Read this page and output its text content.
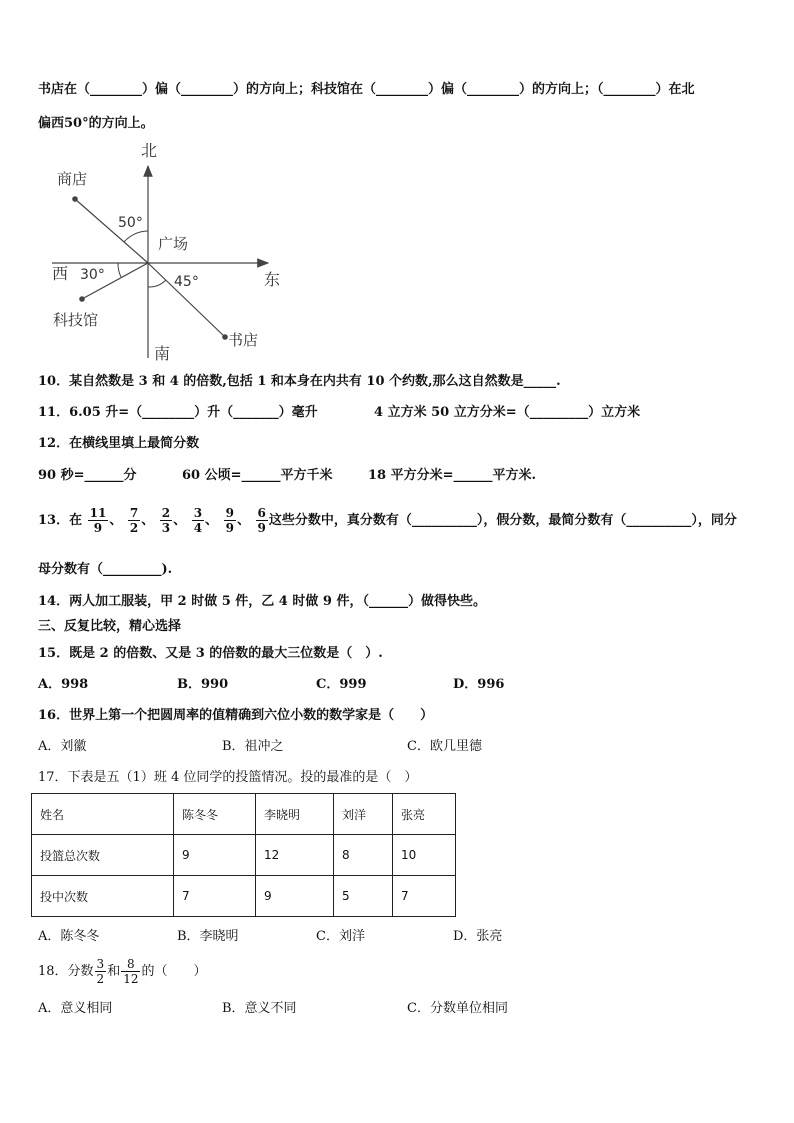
书店在（________）偏（________）的方向上；科技馆在（________）偏（________）的方向上；（________）在北
偏西50°的方向上。
北
南
东
西
商店
广场
科技馆
书店
50°
30°	45°
10．某自然数是 3 和 4 的倍数,包括 1 和本身在内共有 10 个约数,那么这自然数是_____.
11．6.05 升=（________）升（_______）毫升	4 立方米 50 立方分米=（_________）立方米
12．在横线里填上最简分数
90 秒=______分	60 公顷=______平方千米	18 平方分米=______平方米.
13．在 $\frac{11}{9}$ 、 $\frac{7}{2}$ 、 $\frac{2}{3}$ 、 $\frac{3}{4}$ 、 $\frac{9}{9}$ 、 $\frac{6}{9}$ 这些分数中，真分数有（__________），假分数，最简分数有（__________），同分
母分数有（_________).
14．两人加工服装，甲 2 时做 5 件，乙 4 时做 9 件，（______）做得快些。
三、反复比较，精心选择
15．既是 2 的倍数、又是 3 的倍数的最大三位数是（　）.
A．998	B．990	C．999	D．996
16．世界上第一个把圆周率的值精确到六位小数的数学家是（　　）
A．刘徽	B．祖冲之	C．欧几里德
17．下表是五（1）班 4 位同学的投篮情况。投的最准的是（　）
姓名	陈冬冬	李晓明	刘洋	张亮
投篮总次数	9	12	8	10
投中次数	7	9	5	7
A．陈冬冬	B．李晓明	C．刘洋	D．张亮
18．分数 $\frac{3}{2}$ 和 $\frac{8}{12}$ 的（　　）
A．意义相同	B．意义不同	C．分数单位相同
